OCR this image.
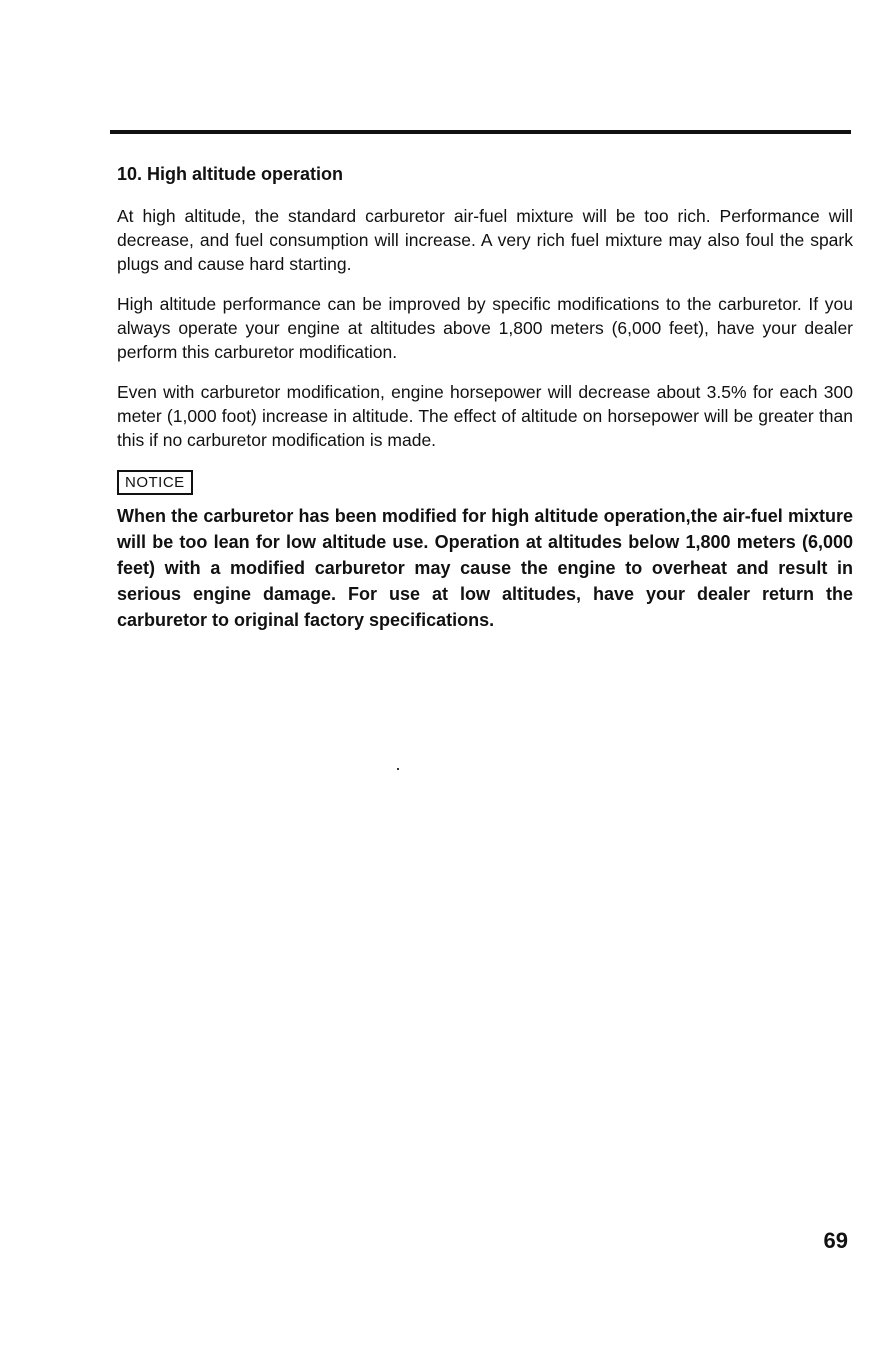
10. High altitude operation

At high altitude, the standard carburetor air-fuel mixture will be too rich. Performance will decrease, and fuel consumption will increase. A very rich fuel mixture may also foul the spark plugs and cause hard starting.

High altitude performance can be improved by specific modifications to the carburetor. If you always operate your engine at altitudes above 1,800 meters (6,000 feet), have your dealer perform this carburetor modification.

Even with carburetor modification, engine horsepower will decrease about 3.5% for each 300 meter (1,000 foot) increase in altitude. The effect of altitude on horsepower will be greater than this if no carburetor modification is made.

NOTICE

When the carburetor has been modified for high altitude operation,the air-fuel mixture will be too lean for low altitude use. Operation at altitudes below 1,800 meters (6,000 feet) with a modified carburetor may cause the engine to overheat and result in serious engine damage. For use at low altitudes, have your dealer return the carburetor to original factory specifications.

69
